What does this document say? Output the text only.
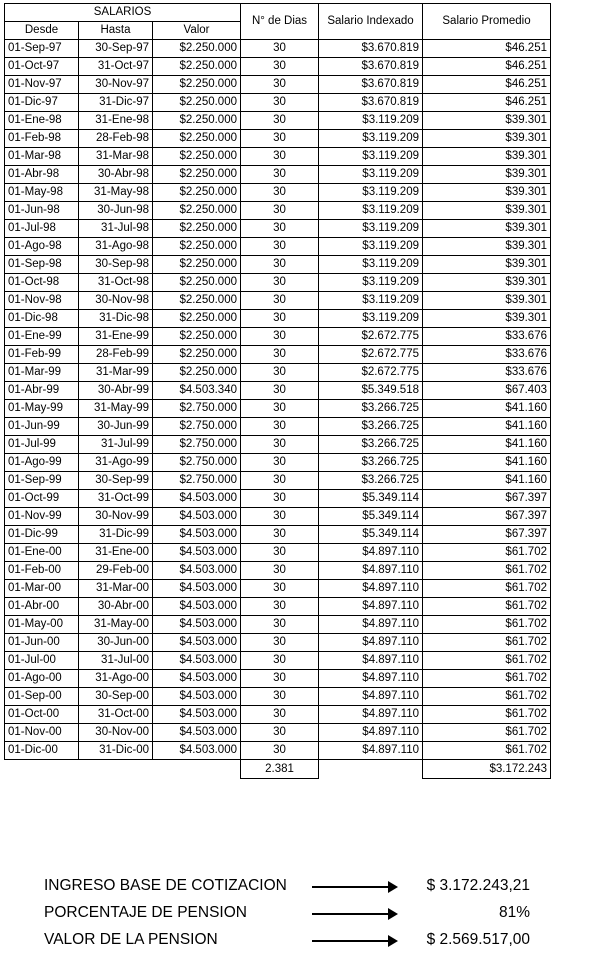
SALARIOS			N° de Dias	Salario Indexado	Salario Promedio
Desde	Hasta	Valor			
01-Sep-97	30-Sep-97	$2.250.000	30	$3.670.819	$46.251
01-Oct-97	31-Oct-97	$2.250.000	30	$3.670.819	$46.251
01-Nov-97	30-Nov-97	$2.250.000	30	$3.670.819	$46.251
01-Dic-97	31-Dic-97	$2.250.000	30	$3.670.819	$46.251
01-Ene-98	31-Ene-98	$2.250.000	30	$3.119.209	$39.301
01-Feb-98	28-Feb-98	$2.250.000	30	$3.119.209	$39.301
01-Mar-98	31-Mar-98	$2.250.000	30	$3.119.209	$39.301
01-Abr-98	30-Abr-98	$2.250.000	30	$3.119.209	$39.301
01-May-98	31-May-98	$2.250.000	30	$3.119.209	$39.301
01-Jun-98	30-Jun-98	$2.250.000	30	$3.119.209	$39.301
01-Jul-98	31-Jul-98	$2.250.000	30	$3.119.209	$39.301
01-Ago-98	31-Ago-98	$2.250.000	30	$3.119.209	$39.301
01-Sep-98	30-Sep-98	$2.250.000	30	$3.119.209	$39.301
01-Oct-98	31-Oct-98	$2.250.000	30	$3.119.209	$39.301
01-Nov-98	30-Nov-98	$2.250.000	30	$3.119.209	$39.301
01-Dic-98	31-Dic-98	$2.250.000	30	$3.119.209	$39.301
01-Ene-99	31-Ene-99	$2.250.000	30	$2.672.775	$33.676
01-Feb-99	28-Feb-99	$2.250.000	30	$2.672.775	$33.676
01-Mar-99	31-Mar-99	$2.250.000	30	$2.672.775	$33.676
01-Abr-99	30-Abr-99	$4.503.340	30	$5.349.518	$67.403
01-May-99	31-May-99	$2.750.000	30	$3.266.725	$41.160
01-Jun-99	30-Jun-99	$2.750.000	30	$3.266.725	$41.160
01-Jul-99	31-Jul-99	$2.750.000	30	$3.266.725	$41.160
01-Ago-99	31-Ago-99	$2.750.000	30	$3.266.725	$41.160
01-Sep-99	30-Sep-99	$2.750.000	30	$3.266.725	$41.160
01-Oct-99	31-Oct-99	$4.503.000	30	$5.349.114	$67.397
01-Nov-99	30-Nov-99	$4.503.000	30	$5.349.114	$67.397
01-Dic-99	31-Dic-99	$4.503.000	30	$5.349.114	$67.397
01-Ene-00	31-Ene-00	$4.503.000	30	$4.897.110	$61.702
01-Feb-00	29-Feb-00	$4.503.000	30	$4.897.110	$61.702
01-Mar-00	31-Mar-00	$4.503.000	30	$4.897.110	$61.702
01-Abr-00	30-Abr-00	$4.503.000	30	$4.897.110	$61.702
01-May-00	31-May-00	$4.503.000	30	$4.897.110	$61.702
01-Jun-00	30-Jun-00	$4.503.000	30	$4.897.110	$61.702
01-Jul-00	31-Jul-00	$4.503.000	30	$4.897.110	$61.702
01-Ago-00	31-Ago-00	$4.503.000	30	$4.897.110	$61.702
01-Sep-00	30-Sep-00	$4.503.000	30	$4.897.110	$61.702
01-Oct-00	31-Oct-00	$4.503.000	30	$4.897.110	$61.702
01-Nov-00	30-Nov-00	$4.503.000	30	$4.897.110	$61.702
01-Dic-00	31-Dic-00	$4.503.000	30	$4.897.110	$61.702
			2.381		$3.172.243
INGRESO BASE DE COTIZACION	$ 3.172.243,21
PORCENTAJE DE PENSION	81%
VALOR DE LA PENSION	$ 2.569.517,00
